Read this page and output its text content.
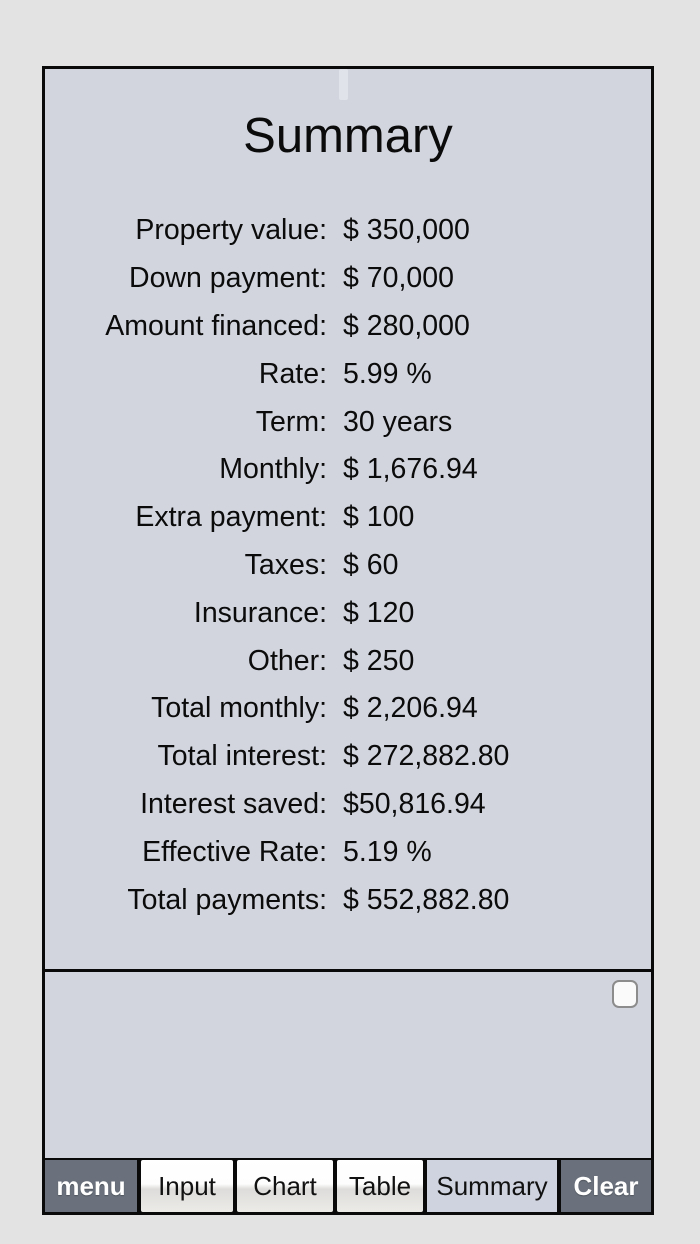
Summary
Property value: $ 350,000
Down payment: $ 70,000
Amount financed: $ 280,000
Rate: 5.99 %
Term: 30 years
Monthly: $ 1,676.94
Extra payment: $ 100
Taxes: $ 60
Insurance: $ 120
Other: $ 250
Total monthly: $ 2,206.94
Total interest: $ 272,882.80
Interest saved: $50,816.94
Effective Rate: 5.19 %
Total payments: $ 552,882.80
menu	Input	Chart	Table Summary Clear
